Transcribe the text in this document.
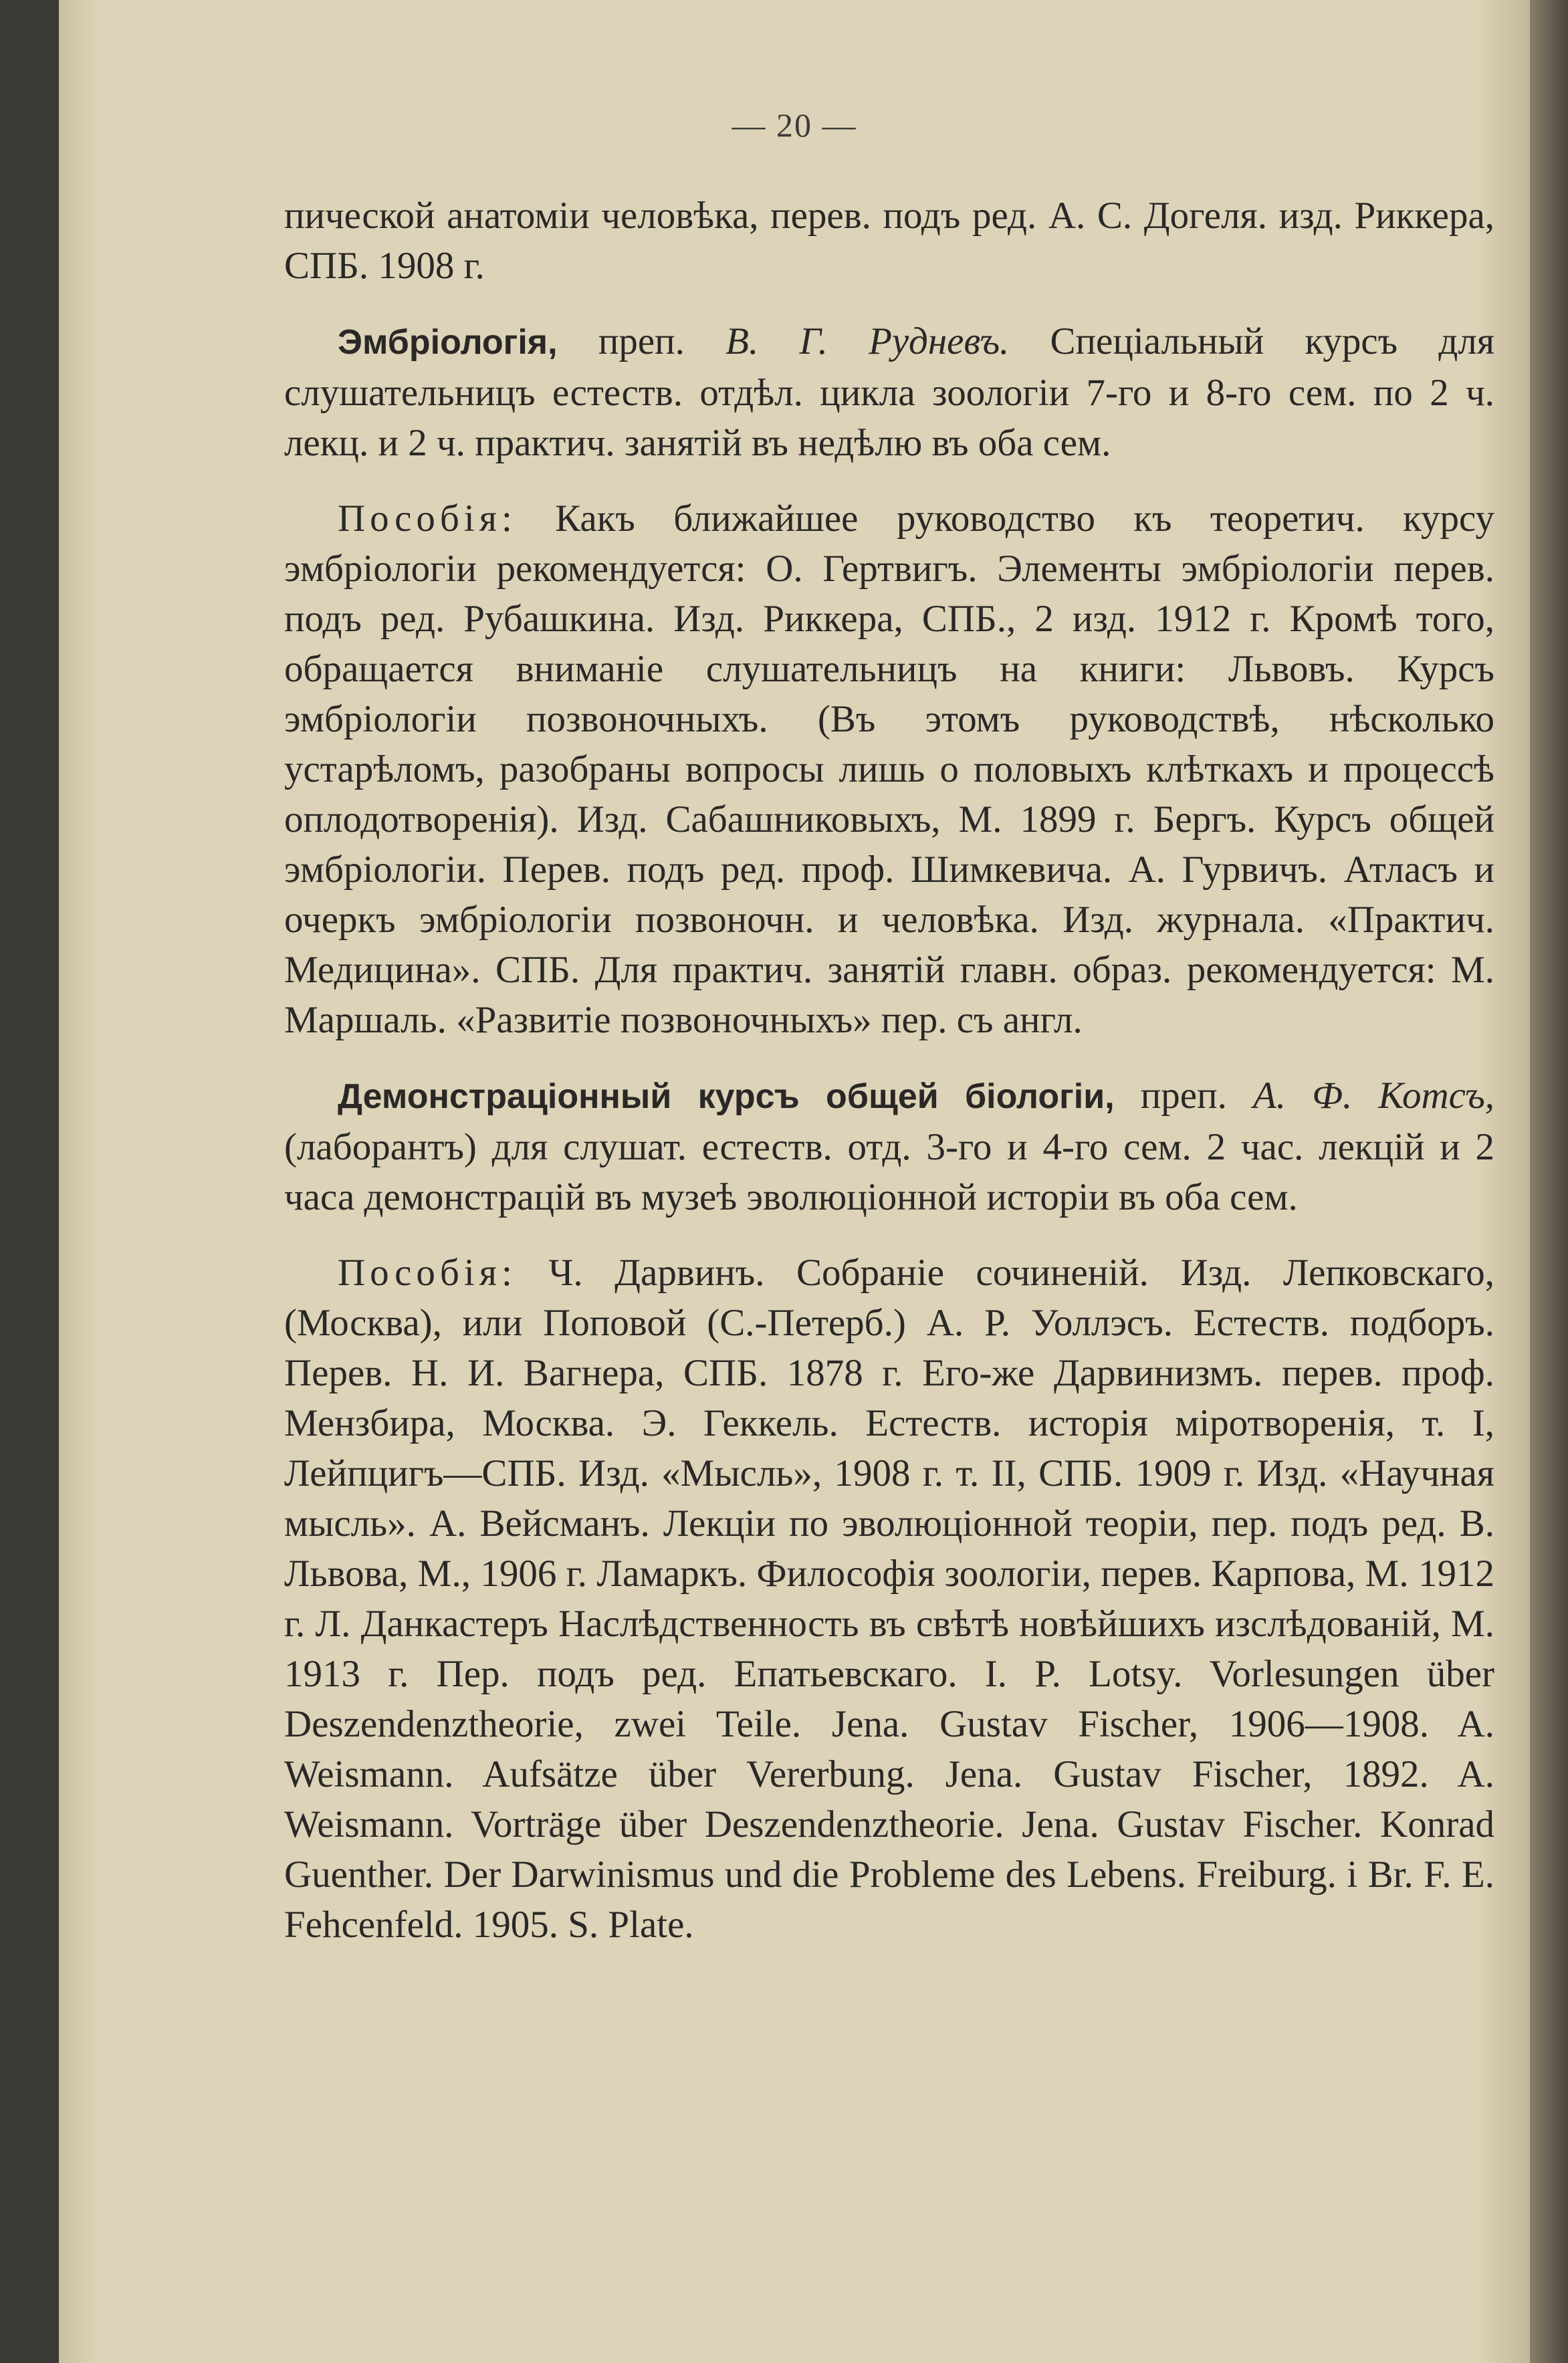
— 20 —

пической анатоміи человѣка, перев. подъ ред. А. С. Догеля. изд. Риккера, СПБ. 1908 г.

Эмбріологія, преп. В. Г. Рудневъ. Спеціальный курсъ для слушательницъ естеств. отдѣл. цикла зоологіи 7-го и 8-го сем. по 2 ч. лекц. и 2 ч. практич. занятій въ недѣлю въ оба сем.

Пособія: Какъ ближайшее руководство къ теоретич. курсу эмбріологіи рекомендуется: О. Гертвигъ. Элементы эмбріологіи перев. подъ ред. Рубашкина. Изд. Риккера, СПБ., 2 изд. 1912 г. Кромѣ того, обращается вниманіе слушательницъ на книги: Львовъ. Курсъ эмбріологіи позвоночныхъ. (Въ этомъ руководствѣ, нѣсколько устарѣломъ, разобраны вопросы лишь о половыхъ клѣткахъ и процессѣ оплодотворенія). Изд. Сабашниковыхъ, М. 1899 г. Бергъ. Курсъ общей эмбріологіи. Перев. подъ ред. проф. Шимкевича. А. Гурвичъ. Атласъ и очеркъ эмбріологіи позвоночн. и человѣка. Изд. журнала. «Практич. Медицина». СПБ. Для практич. занятій главн. образ. рекомендуется: М. Маршаль. «Развитіе позвоночныхъ» пер. съ англ.

Демонстраціонный курсъ общей біологіи, преп. А. Ф. Котсъ, (лаборантъ) для слушат. естеств. отд. 3-го и 4-го сем. 2 час. лекцій и 2 часа демонстрацій въ музеѣ эволюціонной исторіи въ оба сем.

Пособія: Ч. Дарвинъ. Собраніе сочиненій. Изд. Лепковскаго, (Москва), или Поповой (С.-Петерб.) А. Р. Уоллэсъ. Естеств. подборъ. Перев. Н. И. Вагнера, СПБ. 1878 г. Его-же Дарвинизмъ. перев. проф. Мензбира, Москва. Э. Геккель. Естеств. исторія міротворенія, т. I, Лейпцигъ—СПБ. Изд. «Мысль», 1908 г. т. II, СПБ. 1909 г. Изд. «Научная мысль». А. Вейсманъ. Лекціи по эволюціонной теоріи, пер. подъ ред. В. Львова, М., 1906 г. Ламаркъ. Философія зоологіи, перев. Карпова, М. 1912 г. Л. Данкастеръ Наслѣдственность въ свѣтѣ новѣйшихъ изслѣдованій, М. 1913 г. Пер. подъ ред. Епатьевскаго. I. P. Lotsy. Vorlesungen über Deszendenztheorie, zwei Teile. Jena. Gustav Fischer, 1906—1908. A. Weismann. Aufsätze über Vererbung. Jena. Gustav Fischer, 1892. A. Weismann. Vorträge über Deszendenztheorie. Jena. Gustav Fischer. Konrad Guenther. Der Darwinismus und die Probleme des Lebens. Freiburg. i Br. F. E. Fehcenfeld. 1905. S. Plate.
